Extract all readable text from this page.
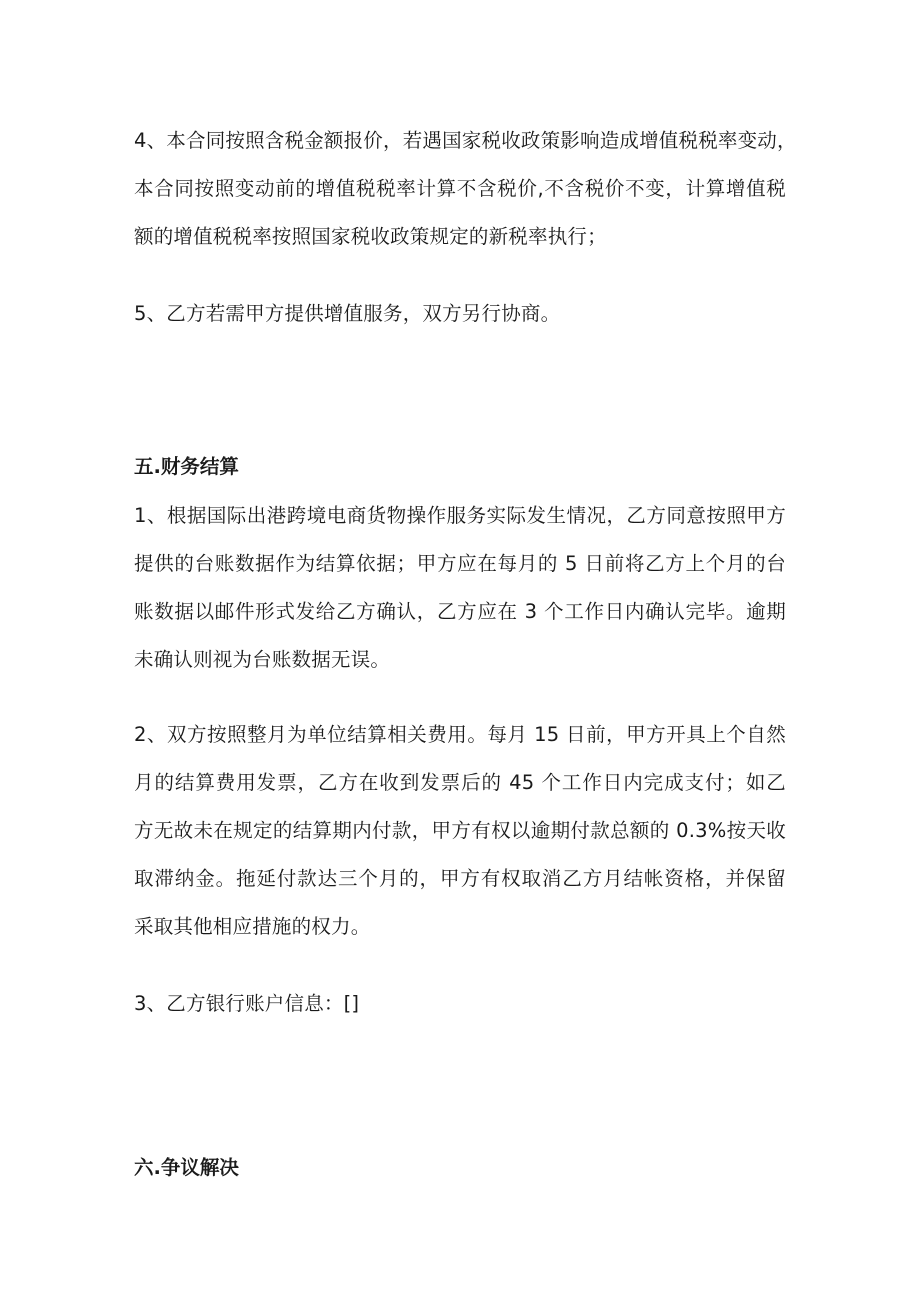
4、本合同按照含税金额报价，若遇国家税收政策影响造成增值税税率变动，
本合同按照变动前的增值税税率计算不含税价,不含税价不变，计算增值税
额的增值税税率按照国家税收政策规定的新税率执行；
5、乙方若需甲方提供增值服务，双方另行协商。
五.财务结算
1、根据国际出港跨境电商货物操作服务实际发生情况，乙方同意按照甲方
提供的台账数据作为结算依据；甲方应在每月的 5 日前将乙方上个月的台
账数据以邮件形式发给乙方确认，乙方应在 3 个工作日内确认完毕。逾期
未确认则视为台账数据无误。
2、双方按照整月为单位结算相关费用。每月 15 日前，甲方开具上个自然
月的结算费用发票，乙方在收到发票后的 45 个工作日内完成支付；如乙
方无故未在规定的结算期内付款，甲方有权以逾期付款总额的 0.3%按天收
取滞纳金。拖延付款达三个月的，甲方有权取消乙方月结帐资格，并保留
采取其他相应措施的权力。
3、乙方银行账户信息：[]
六.争议解决
